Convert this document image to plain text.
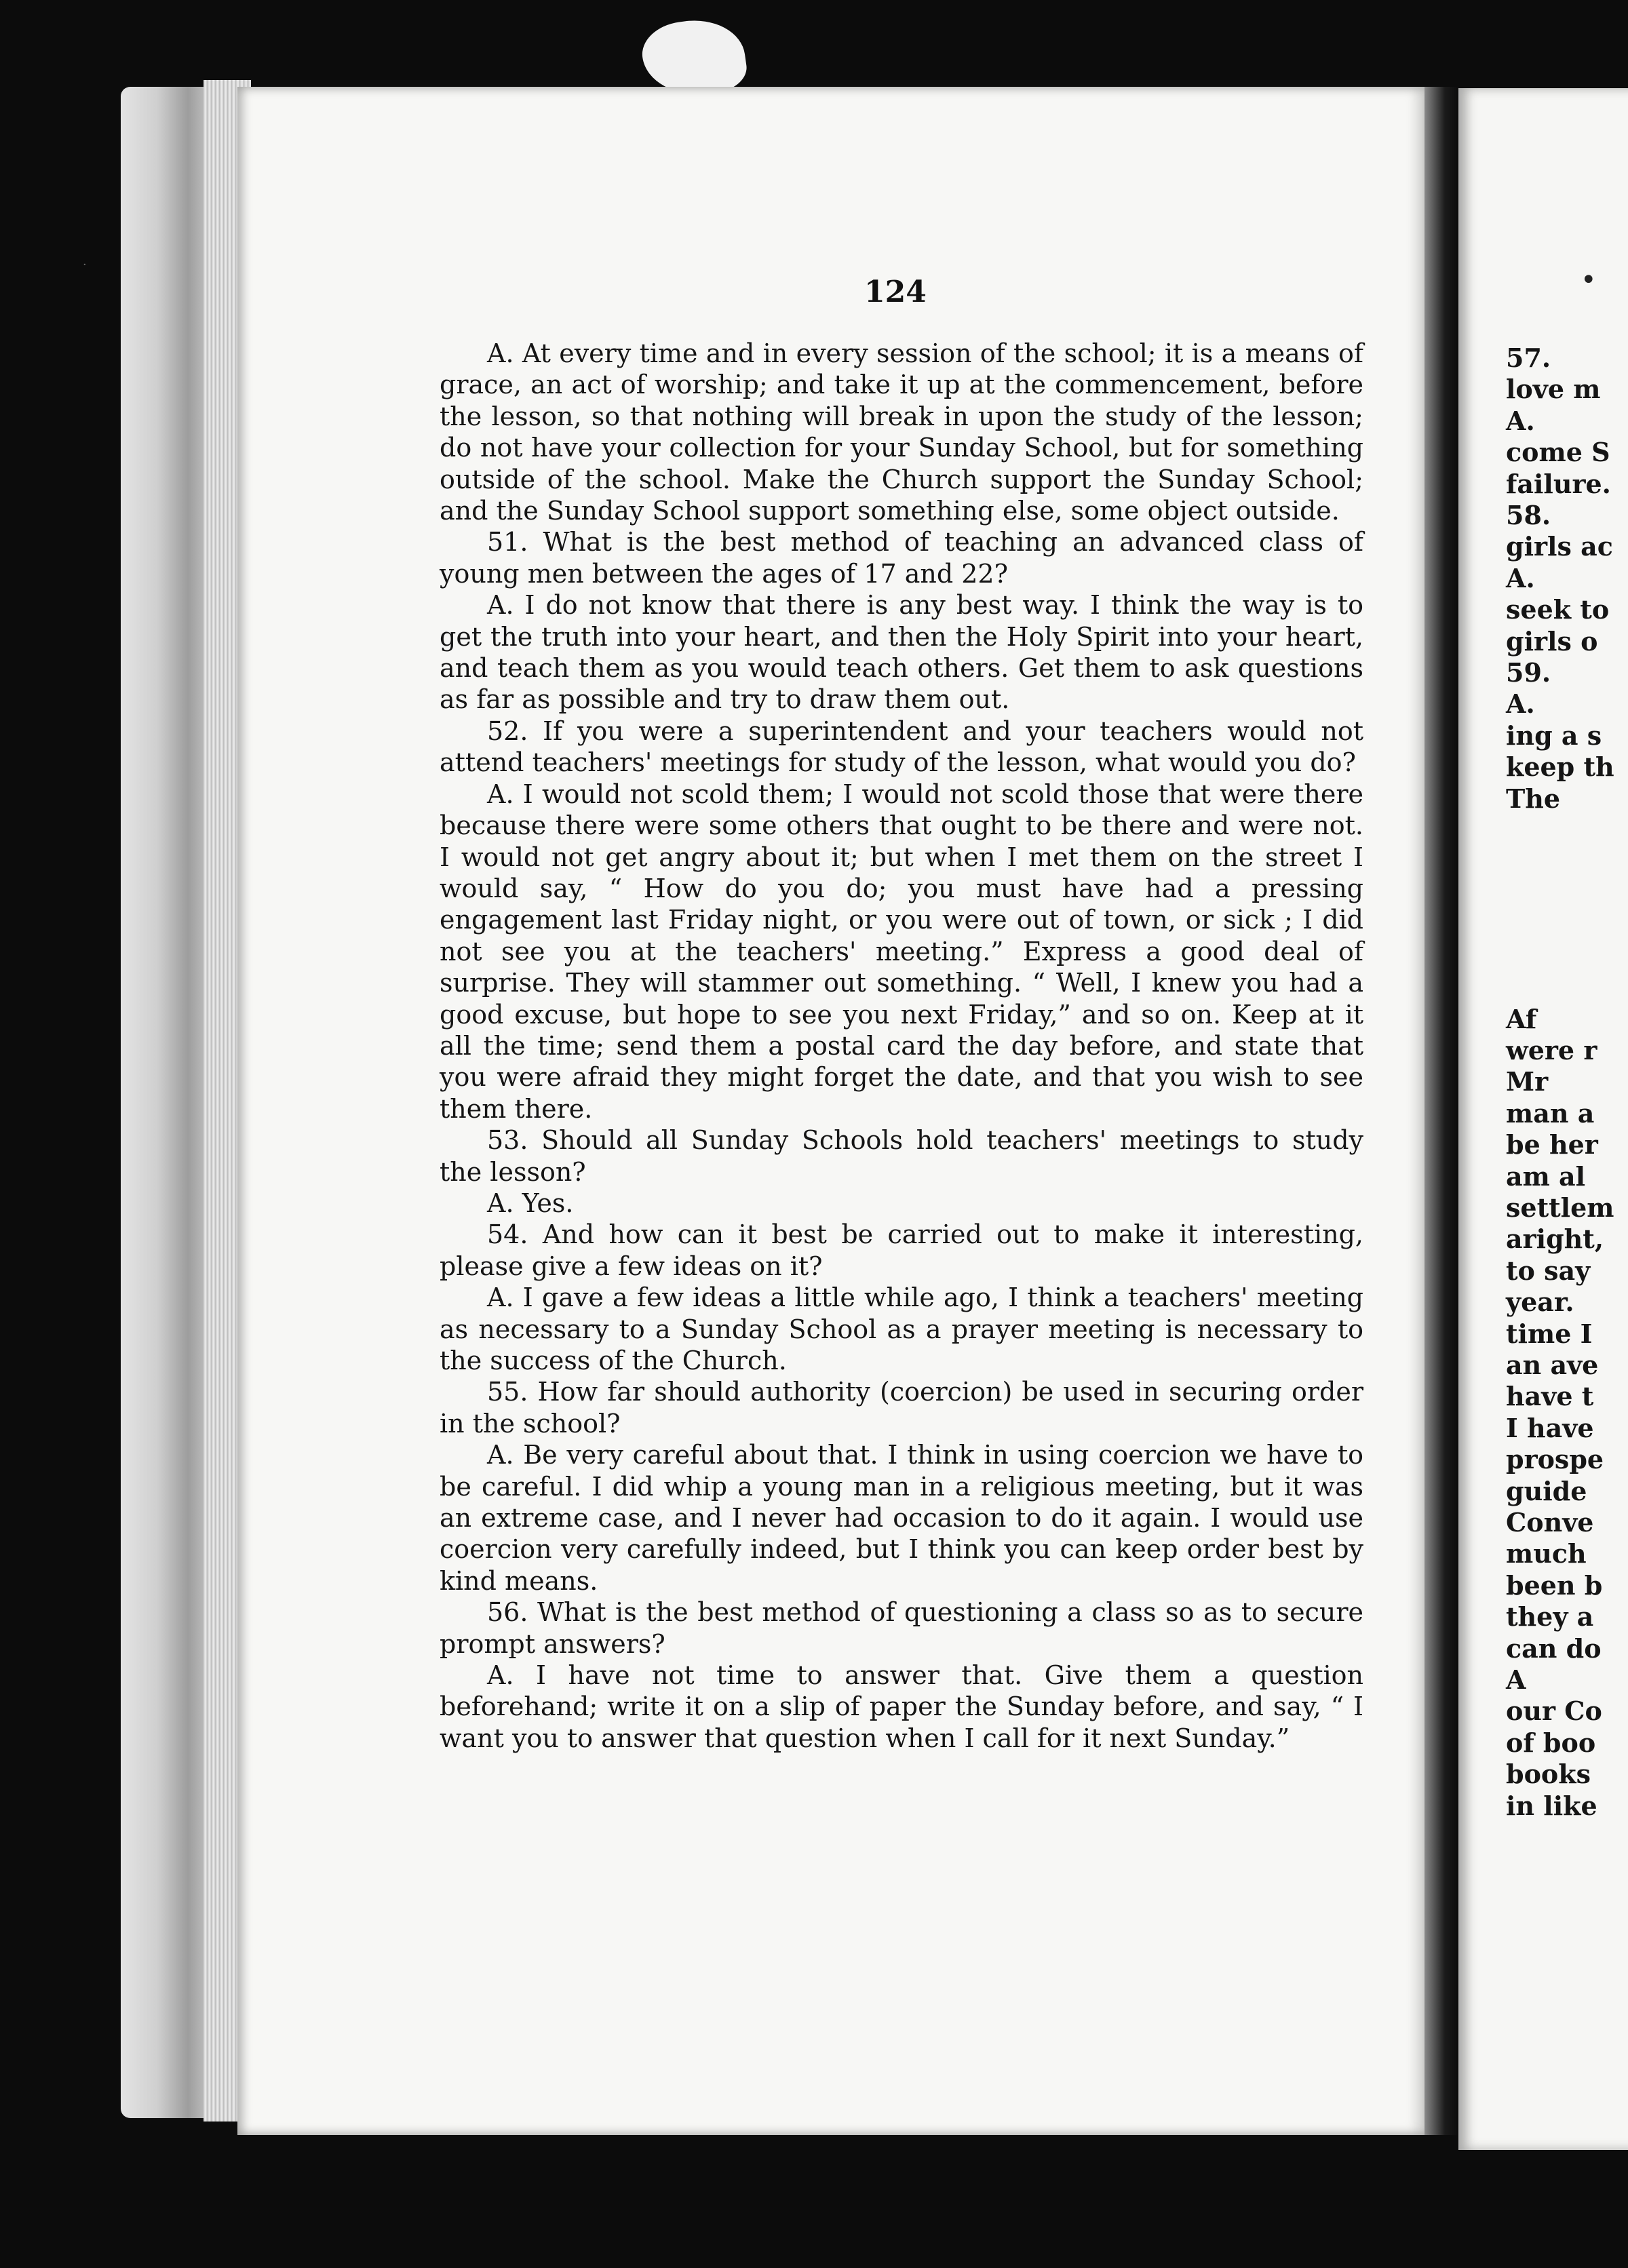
·
124

A. At every time and in every session of the school; it is a means of grace, an act of worship; and take it up at the commencement, before the lesson, so that nothing will break in upon the study of the lesson; do not have your collection for your Sunday School, but for something outside of the school. Make the Church support the Sunday School; and the Sunday School support something else, some object outside.

51. What is the best method of teaching an advanced class of young men between the ages of 17 and 22?

A. I do not know that there is any best way. I think the way is to get the truth into your heart, and then the Holy Spirit into your heart, and teach them as you would teach others. Get them to ask questions as far as possible and try to draw them out.

52. If you were a superintendent and your teachers would not attend teachers' meetings for study of the lesson, what would you do?

A. I would not scold them; I would not scold those that were there because there were some others that ought to be there and were not. I would not get angry about it; but when I met them on the street I would say, “ How do you do; you must have had a pressing engagement last Friday night, or you were out of town, or sick ; I did not see you at the teachers' meeting.” Express a good deal of surprise. They will stammer out something. “ Well, I knew you had a good excuse, but hope to see you next Friday,” and so on. Keep at it all the time; send them a postal card the day before, and state that you were afraid they might forget the date, and that you wish to see them there.

53. Should all Sunday Schools hold teachers' meetings to study the lesson?

A. Yes.

54. And how can it best be carried out to make it interesting, please give a few ideas on it?

A. I gave a few ideas a little while ago, I think a teachers' meeting as necessary to a Sunday School as a prayer meeting is necessary to the success of the Church.

55. How far should authority (coercion) be used in securing order in the school?

A. Be very careful about that. I think in using coercion we have to be careful. I did whip a young man in a religious meeting, but it was an extreme case, and I never had occasion to do it again. I would use coercion very carefully indeed, but I think you can keep order best by kind means.

56. What is the best method of questioning a class so as to secure prompt answers?

A. I have not time to answer that. Give them a question beforehand; write it on a slip of paper the Sunday before, and say, “ I want you to answer that question when I call for it next Sunday.”

57.
love m
A.
come S
failure.
58.
girls ac
A.
seek to
girls o
59.
A.
ing a s
keep th
The

Af
were r
Mr
man a
be her
am al
settlem
aright,
to say
year.
time I
an ave
have t
I have
prospe
guide
Conve
much
been b
they a
can do
A
our Co
of boo
books
in like
•
